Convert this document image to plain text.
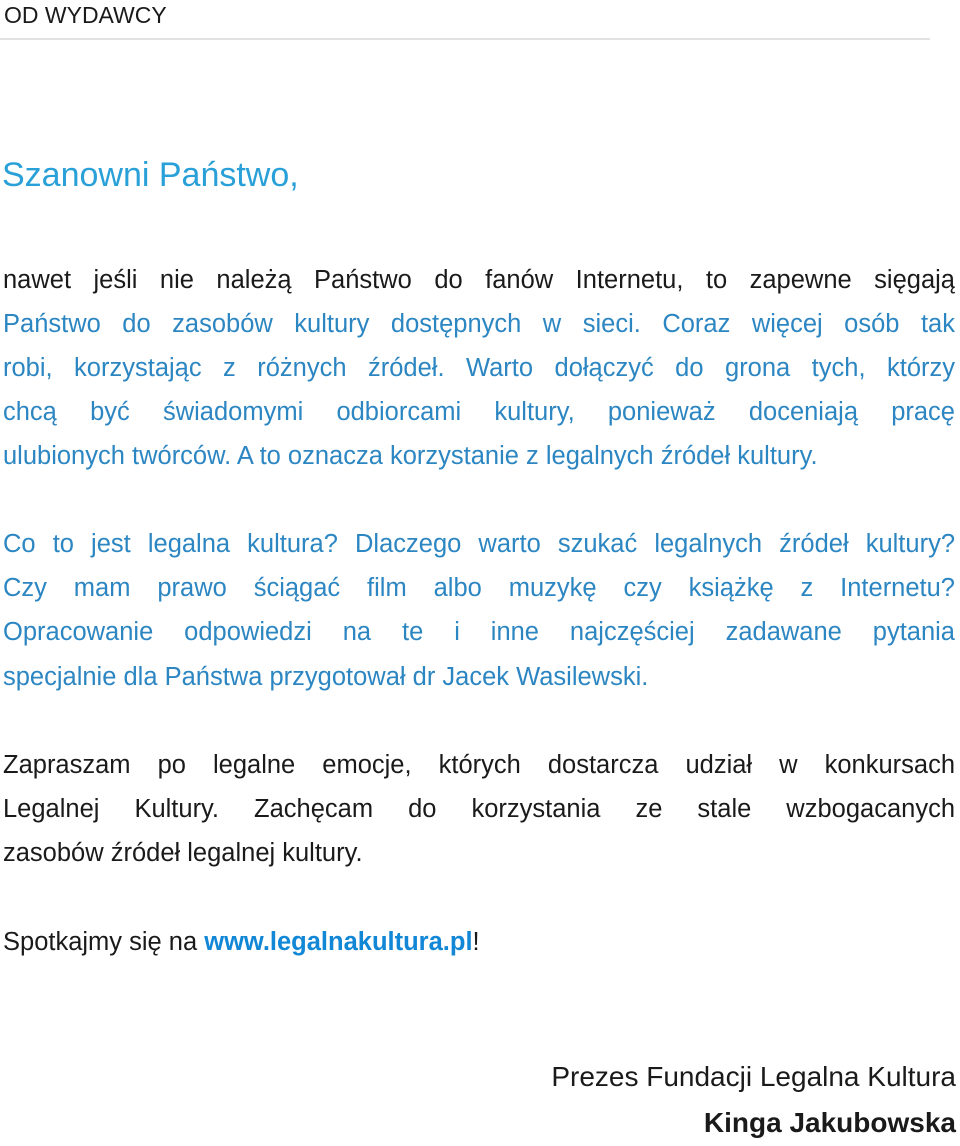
OD WYDAWCY
Szanowni Państwo,
nawet jeśli nie należą Państwo do fanów Internetu, to zapewne sięgają
Państwo do zasobów kultury dostępnych w sieci. Coraz więcej osób tak
robi, korzystając z różnych źródeł. Warto dołączyć do grona tych, którzy
chcą być świadomymi odbiorcami kultury, ponieważ doceniają pracę
ulubionych twórców. A to oznacza korzystanie z legalnych źródeł kultury.
Co to jest legalna kultura? Dlaczego warto szukać legalnych źródeł kultury?
Czy mam prawo ściągać film albo muzykę czy książkę z Internetu?
Opracowanie odpowiedzi na te i inne najczęściej zadawane pytania
specjalnie dla Państwa przygotował dr Jacek Wasilewski.
Zapraszam po legalne emocje, których dostarcza udział w konkursach
Legalnej Kultury. Zachęcam do korzystania ze stale wzbogacanych
zasobów źródeł legalnej kultury.
Spotkajmy się na www.legalnakultura.pl!
Prezes Fundacji Legalna Kultura
Kinga Jakubowska
